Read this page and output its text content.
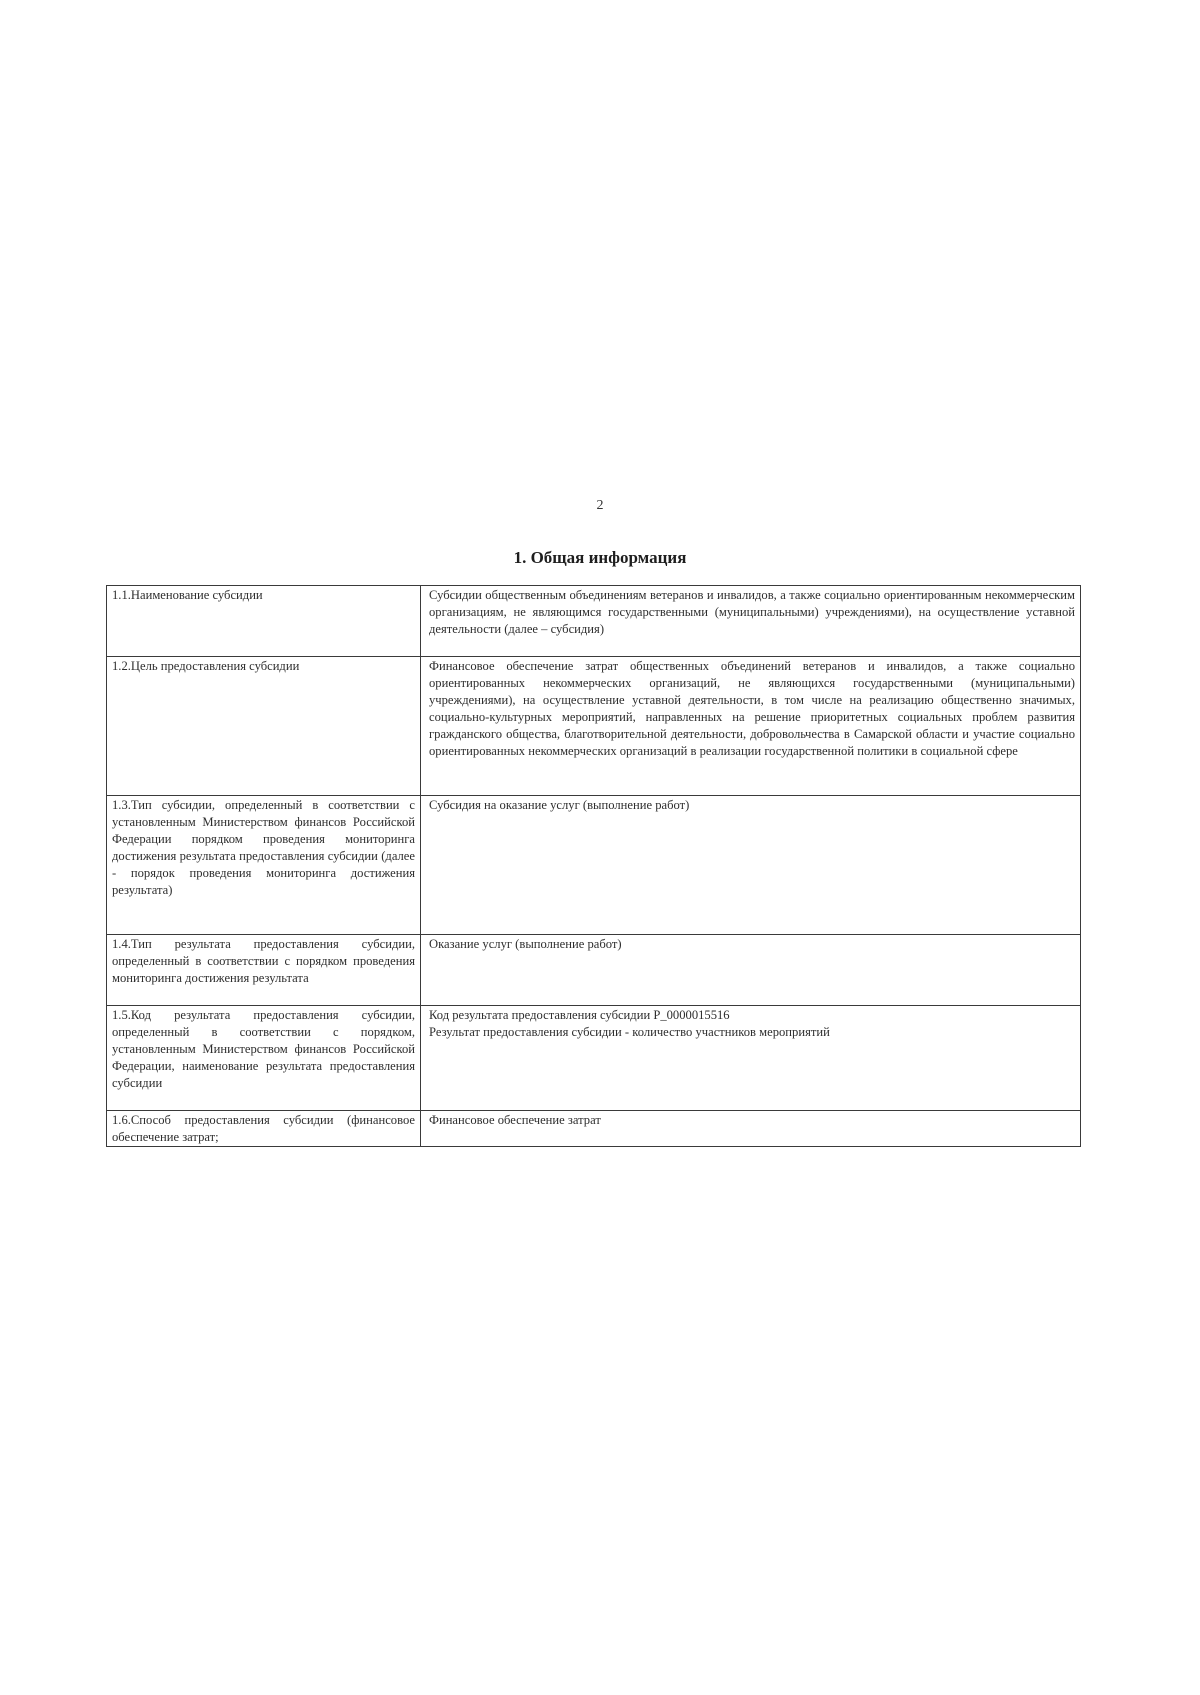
2
1. Общая информация
1.1.Наименование субсидии	Субсидии общественным объединениям ветеранов и инвалидов, а также социально ориентированным некоммерческим организациям, не являющимся государственными (муниципальными) учреждениями), на осуществление уставной деятельности (далее – субсидия)
1.2.Цель предоставления субсидии	Финансовое обеспечение затрат общественных объединений ветеранов и инвалидов, а также социально ориентированных некоммерческих организаций, не являющихся государственными (муниципальными) учреждениями), на осуществление уставной деятельности, в том числе на реализацию общественно значимых, социально-культурных мероприятий, направленных на решение приоритетных социальных проблем развития гражданского общества, благотворительной деятельности, добровольчества в Самарской области и участие социально ориентированных некоммерческих организаций в реализации государственной политики в социальной сфере
1.3.Тип субсидии, определенный в соответствии с установленным Министерством финансов Российской Федерации порядком проведения мониторинга достижения результата предоставления субсидии (далее - порядок проведения мониторинга достижения результата)	Субсидия на оказание услуг (выполнение работ)
1.4.Тип результата предоставления субсидии, определенный в соответствии с порядком проведения мониторинга достижения результата	Оказание услуг (выполнение работ)
1.5.Код результата предоставления субсидии, определенный в соответствии с порядком, установленным Министерством финансов Российской Федерации, наименование результата предоставления субсидии	Код результата предоставления субсидии P_0000015516
Результат предоставления субсидии - количество участников мероприятий

1.6.Способ предоставления субсидии (финансовое обеспечение затрат;	Финансовое обеспечение затрат
